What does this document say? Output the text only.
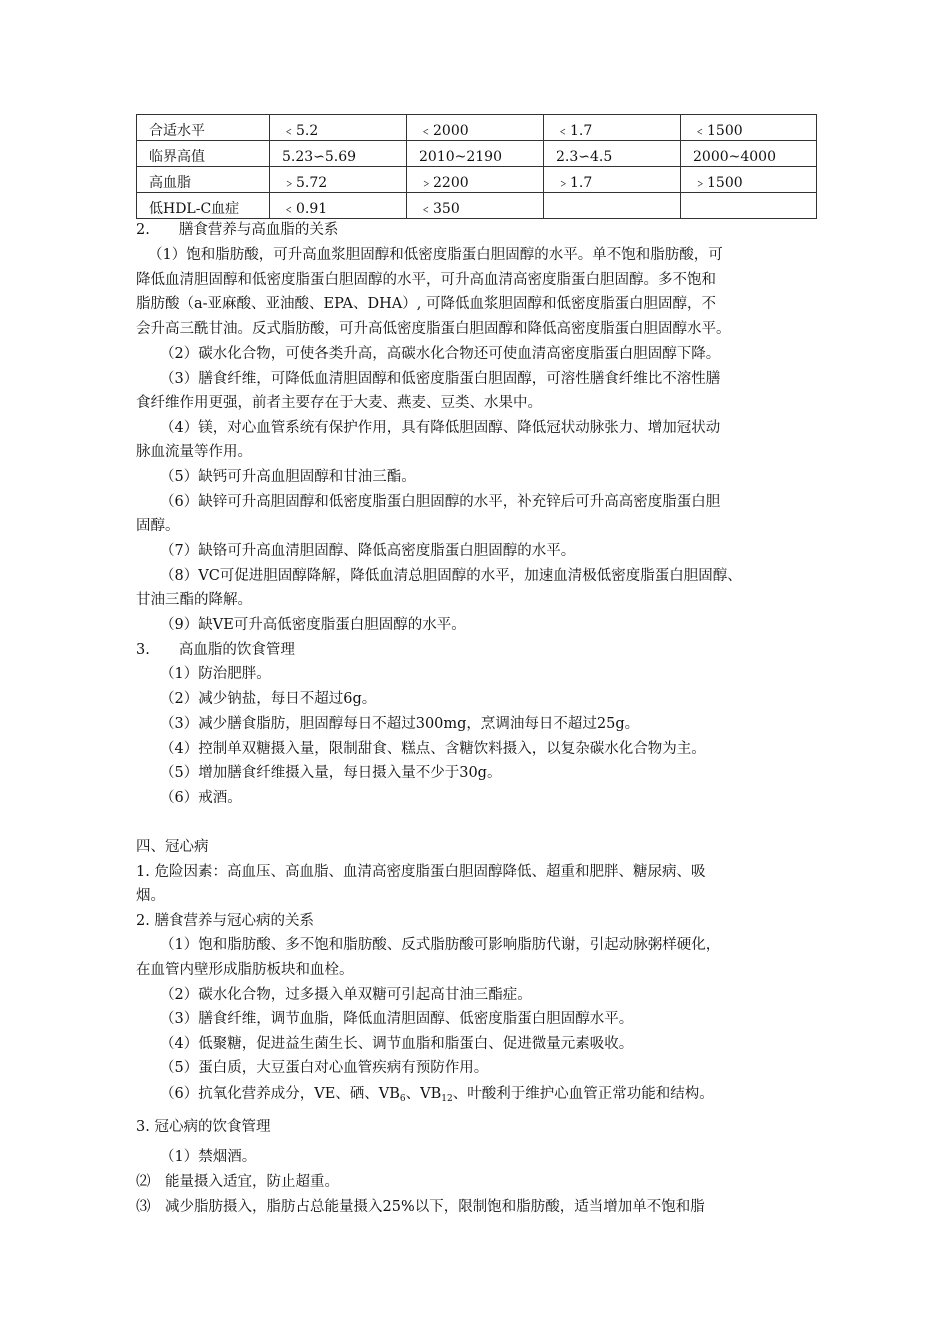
合适水平	﹤5.2	﹤2000	﹤1.7	﹤1500
临界高值	5.23∽5.69	2010~2190	2.3∽4.5	2000~4000
高血脂	﹥5.72	﹥2200	﹥1.7	﹥1500
低HDL-C血症	﹤0.91	﹤350		
2.　　膳食营养与高血脂的关系
（1）饱和脂肪酸，可升高血浆胆固醇和低密度脂蛋白胆固醇的水平。单不饱和脂肪酸，可
降低血清胆固醇和低密度脂蛋白胆固醇的水平，可升高血清高密度脂蛋白胆固醇。多不饱和
脂肪酸（a-亚麻酸、亚油酸、EPA、DHA）, 可降低血浆胆固醇和低密度脂蛋白胆固醇，不
会升高三酰甘油。反式脂肪酸，可升高低密度脂蛋白胆固醇和降低高密度脂蛋白胆固醇水平。
（2）碳水化合物，可使各类升高，高碳水化合物还可使血清高密度脂蛋白胆固醇下降。
（3）膳食纤维，可降低血清胆固醇和低密度脂蛋白胆固醇，可溶性膳食纤维比不溶性膳
食纤维作用更强，前者主要存在于大麦、燕麦、豆类、水果中。
（4）镁，对心血管系统有保护作用，具有降低胆固醇、降低冠状动脉张力、增加冠状动
脉血流量等作用。
（5）缺钙可升高血胆固醇和甘油三酯。
（6）缺锌可升高胆固醇和低密度脂蛋白胆固醇的水平，补充锌后可升高高密度脂蛋白胆
固醇。
（7）缺铬可升高血清胆固醇、降低高密度脂蛋白胆固醇的水平。
（8）VC可促进胆固醇降解，降低血清总胆固醇的水平，加速血清极低密度脂蛋白胆固醇、
甘油三酯的降解。
（9）缺VE可升高低密度脂蛋白胆固醇的水平。
3.　　高血脂的饮食管理
（1）防治肥胖。
（2）减少钠盐，每日不超过6g。
（3）减少膳食脂肪，胆固醇每日不超过300mg，烹调油每日不超过25g。
（4）控制单双糖摄入量，限制甜食、糕点、含糖饮料摄入，以复杂碳水化合物为主。
（5）增加膳食纤维摄入量，每日摄入量不少于30g。
（6）戒酒。
四、冠心病
1. 危险因素：高血压、高血脂、血清高密度脂蛋白胆固醇降低、超重和肥胖、糖尿病、吸
烟。
2. 膳食营养与冠心病的关系
（1）饱和脂肪酸、多不饱和脂肪酸、反式脂肪酸可影响脂肪代谢，引起动脉粥样硬化，
在血管内壁形成脂肪板块和血栓。
（2）碳水化合物，过多摄入单双糖可引起高甘油三酯症。
（3）膳食纤维，调节血脂，降低血清胆固醇、低密度脂蛋白胆固醇水平。
（4）低聚糖，促进益生菌生长、调节血脂和脂蛋白、促进微量元素吸收。
（5）蛋白质，大豆蛋白对心血管疾病有预防作用。
3. 冠心病的饮食管理
（1）禁烟酒。
⑵　能量摄入适宜，防止超重。
⑶　减少脂肪摄入，脂肪占总能量摄入25%以下，限制饱和脂肪酸，适当增加单不饱和脂
（6）抗氧化营养成分，VE、硒、$VB_6$、$VB_{12}$、叶酸利于维护心血管正常功能和结构。
